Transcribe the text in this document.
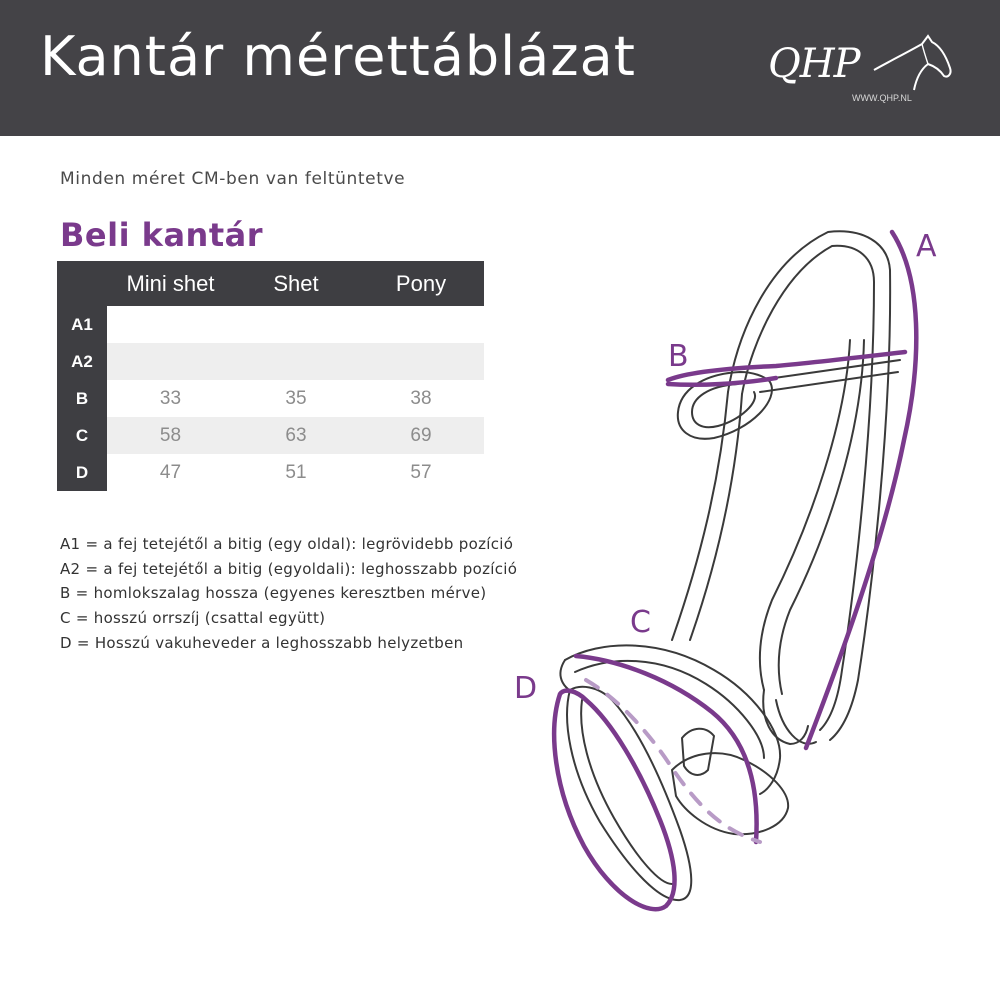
Kantár mérettáblázat	QHP
WWW.QHP.NL
Minden méret CM-ben van feltüntetve
Beli kantár
	Mini shet	Shet	Pony
A1			
A2			
B	33	35	38
C	58	63	69
D	47	51	57
A1 = a fej tetejétől a bitig (egy oldal): legrövidebb pozíció
A2 = a fej tetejétől a bitig (egyoldali): leghosszabb pozíció
B = homlokszalag hossza (egyenes keresztben mérve)
C = hosszú orrszíj (csattal együtt)
D = Hosszú vakuheveder a leghosszabb helyzetben
A
B
C
D
